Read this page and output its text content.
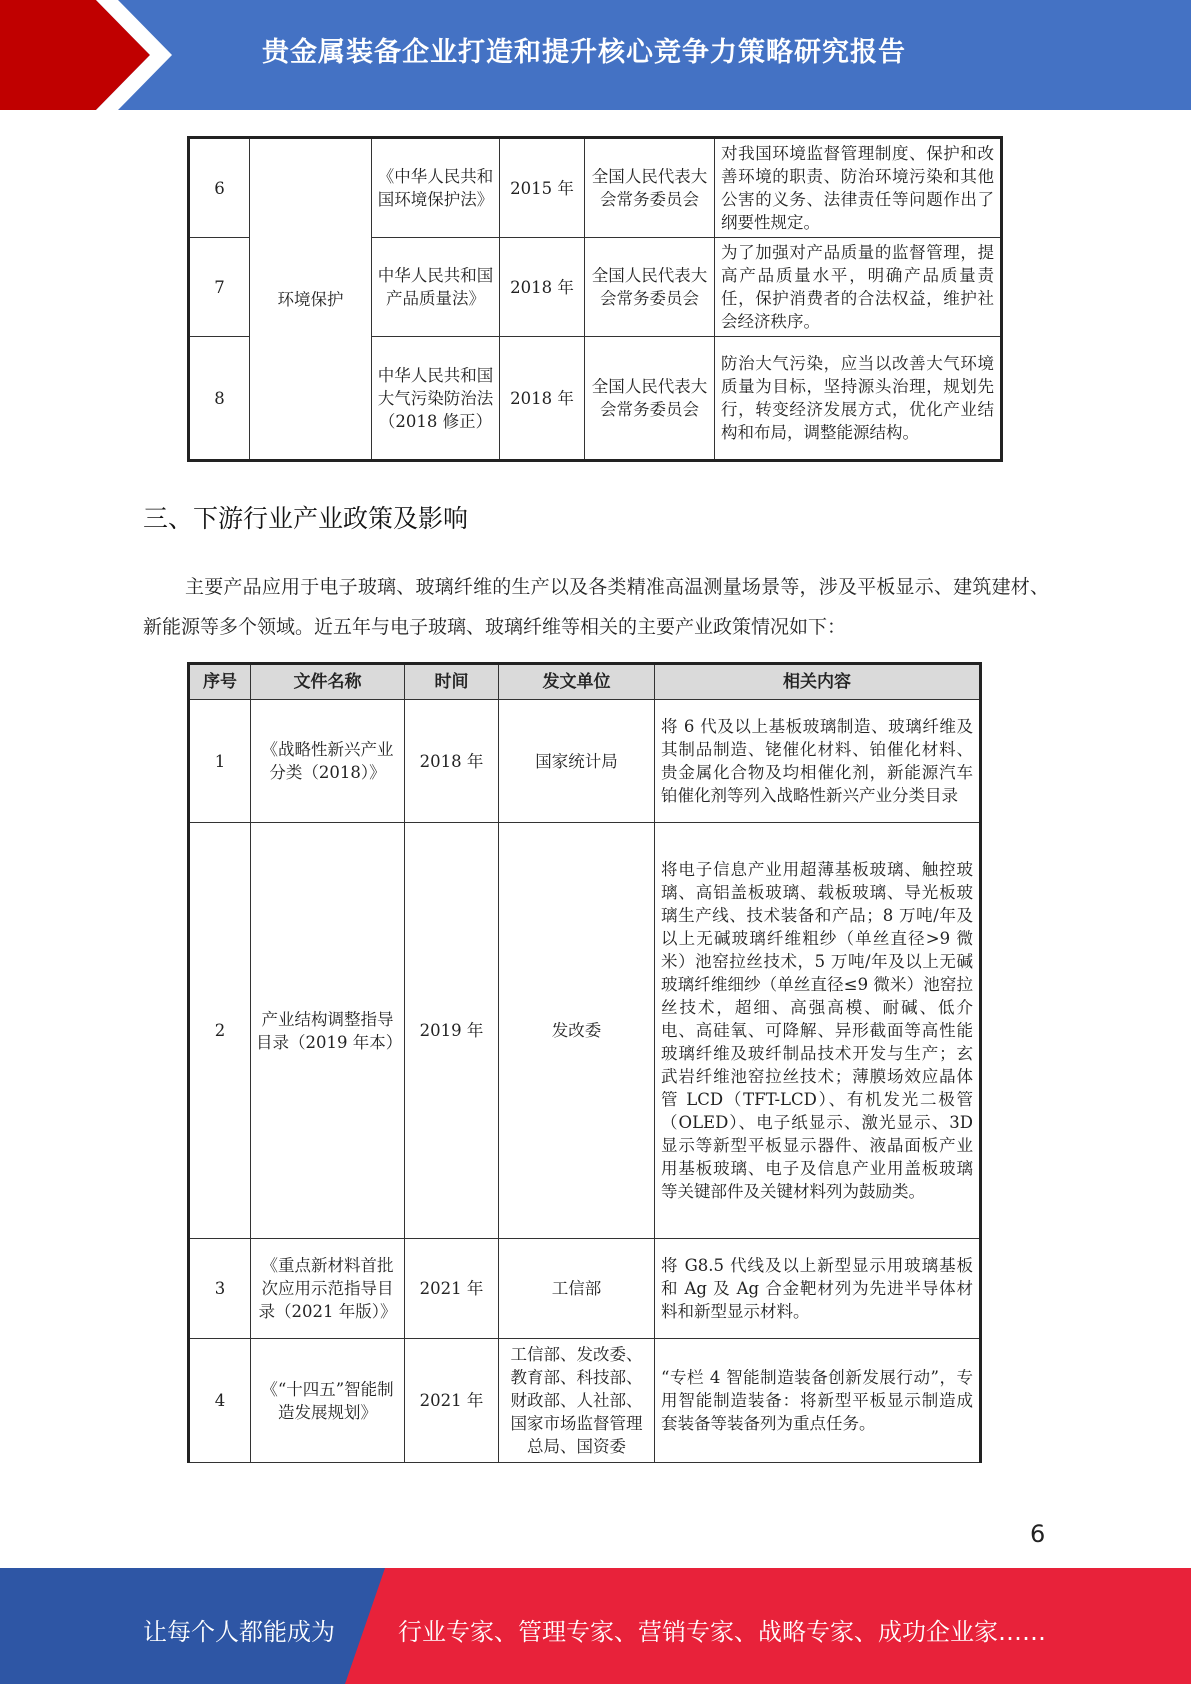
贵金属装备企业打造和提升核心竞争力策略研究报告
6	环境保护	《中华人民共和国环境保护法》	2015 年	全国人民代表大会常务委员会	对我国环境监督管理制度、保护和改善环境的职责、防治环境污染和其他公害的义务、法律责任等问题作出了纲要性规定。
7		中华人民共和国产品质量法》	2018 年	全国人民代表大会常务委员会	为了加强对产品质量的监督管理，提高产品质量水平，明确产品质量责任，保护消费者的合法权益，维护社会经济秩序。
8		中华人民共和国大气污染防治法（2018 修正）	2018 年	全国人民代表大会常务委员会	防治大气污染，应当以改善大气环境质量为目标，坚持源头治理，规划先行，转变经济发展方式，优化产业结构和布局，调整能源结构。
三、下游行业产业政策及影响
主要产品应用于电子玻璃、玻璃纤维的生产以及各类精准高温测量场景等，涉及平板显示、建筑建材、新能源等多个领域。近五年与电子玻璃、玻璃纤维等相关的主要产业政策情况如下：
序号	文件名称	时间	发文单位	相关内容
1	《战略性新兴产业分类（2018）》	2018 年	国家统计局	将 6 代及以上基板玻璃制造、玻璃纤维及其制品制造、铑催化材料、铂催化材料、贵金属化合物及均相催化剂，新能源汽车铂催化剂等列入战略性新兴产业分类目录
2	产业结构调整指导目录（2019 年本）	2019 年	发改委	将电子信息产业用超薄基板玻璃、触控玻璃、高铝盖板玻璃、载板玻璃、导光板玻璃生产线、技术装备和产品；8 万吨/年及以上无碱玻璃纤维粗纱（单丝直径>9 微米）池窑拉丝技术，5 万吨/年及以上无碱玻璃纤维细纱（单丝直径≤9 微米）池窑拉丝技术，超细、高强高模、耐碱、低介电、高硅氧、可降解、异形截面等高性能玻璃纤维及玻纤制品技术开发与生产；玄武岩纤维池窑拉丝技术；薄膜场效应晶体管 LCD（TFT-LCD）、有机发光二极管（OLED）、电子纸显示、激光显示、3D 显示等新型平板显示器件、液晶面板产业用基板玻璃、电子及信息产业用盖板玻璃等关键部件及关键材料列为鼓励类。
3	《重点新材料首批次应用示范指导目录（2021 年版）》	2021 年	工信部	将 G8.5 代线及以上新型显示用玻璃基板和 Ag 及 Ag 合金靶材列为先进半导体材料和新型显示材料。
4	《“十四五”智能制造发展规划》	2021 年	工信部、发改委、教育部、科技部、财政部、人社部、国家市场监督管理总局、国资委	“专栏 4 智能制造装备创新发展行动”，专用智能制造装备：将新型平板显示制造成套装备等装备列为重点任务。
6
让每个人都能成为	行业专家、管理专家、营销专家、战略专家、成功企业家……
